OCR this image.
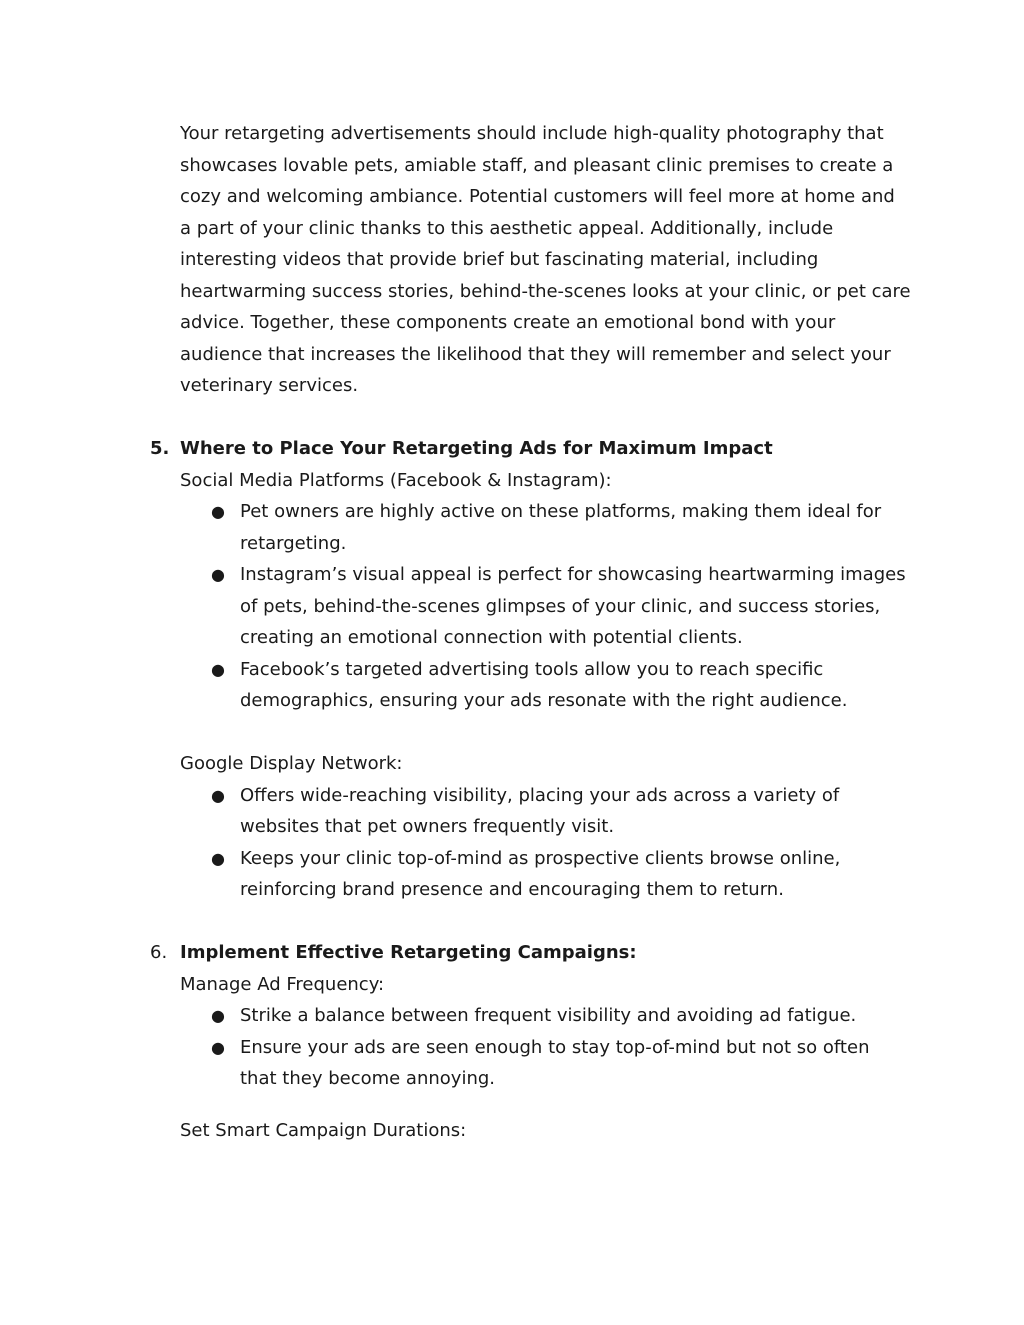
Your retargeting advertisements should include high-quality photography that
showcases lovable pets, amiable staff, and pleasant clinic premises to create a
cozy and welcoming ambiance. Potential customers will feel more at home and
a part of your clinic thanks to this aesthetic appeal. Additionally, include
interesting videos that provide brief but fascinating material, including
heartwarming success stories, behind-the-scenes looks at your clinic, or pet care
advice. Together, these components create an emotional bond with your
audience that increases the likelihood that they will remember and select your
veterinary services.
5. Where to Place Your Retargeting Ads for Maximum Impact
Social Media Platforms (Facebook & Instagram):
● Pet owners are highly active on these platforms, making them ideal for
retargeting.
● Instagram’s visual appeal is perfect for showcasing heartwarming images
of pets, behind-the-scenes glimpses of your clinic, and success stories,
creating an emotional connection with potential clients.
● Facebook’s targeted advertising tools allow you to reach specific
demographics, ensuring your ads resonate with the right audience.
Google Display Network:
● Offers wide-reaching visibility, placing your ads across a variety of
websites that pet owners frequently visit.
● Keeps your clinic top-of-mind as prospective clients browse online,
reinforcing brand presence and encouraging them to return.
6. Implement Effective Retargeting Campaigns:
Manage Ad Frequency:
● Strike a balance between frequent visibility and avoiding ad fatigue.
● Ensure your ads are seen enough to stay top-of-mind but not so often
that they become annoying.
Set Smart Campaign Durations:
